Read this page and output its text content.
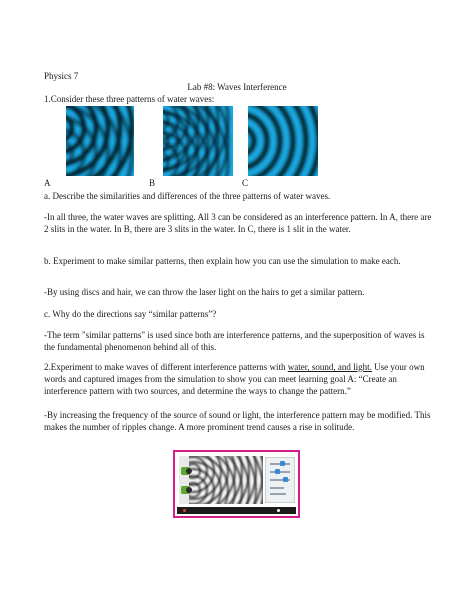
Physics 7
Lab #8: Waves Interference
1.Consider these three patterns of water waves:
A	B	C
a. Describe the similarities and differences of the three patterns of water waves.
-In all three, the water waves are splitting. All 3 can be considered as an interference pattern. In A, there are 2 slits in the water. In B, there are 3 slits in the water. In C, there is 1 slit in the water.
b. Experiment to make similar patterns, then explain how you can use the simulation to make each.
-By using discs and hair, we can throw the laser light on the hairs to get a similar pattern.
c. Why do the directions say “similar patterns”?
-The term "similar patterns" is used since both are interference patterns, and the superposition of waves is the fundamental phenomenon behind all of this.
2.Experiment to make waves of different interference patterns with water, sound, and light. Use your own words and captured images from the simulation to show you can meet learning goal A: “Create an interference pattern with two sources, and determine the ways to change the pattern.”
-By increasing the frequency of the source of sound or light, the interference pattern may be modified. This makes the number of ripples change. A more prominent trend causes a rise in solitude.
